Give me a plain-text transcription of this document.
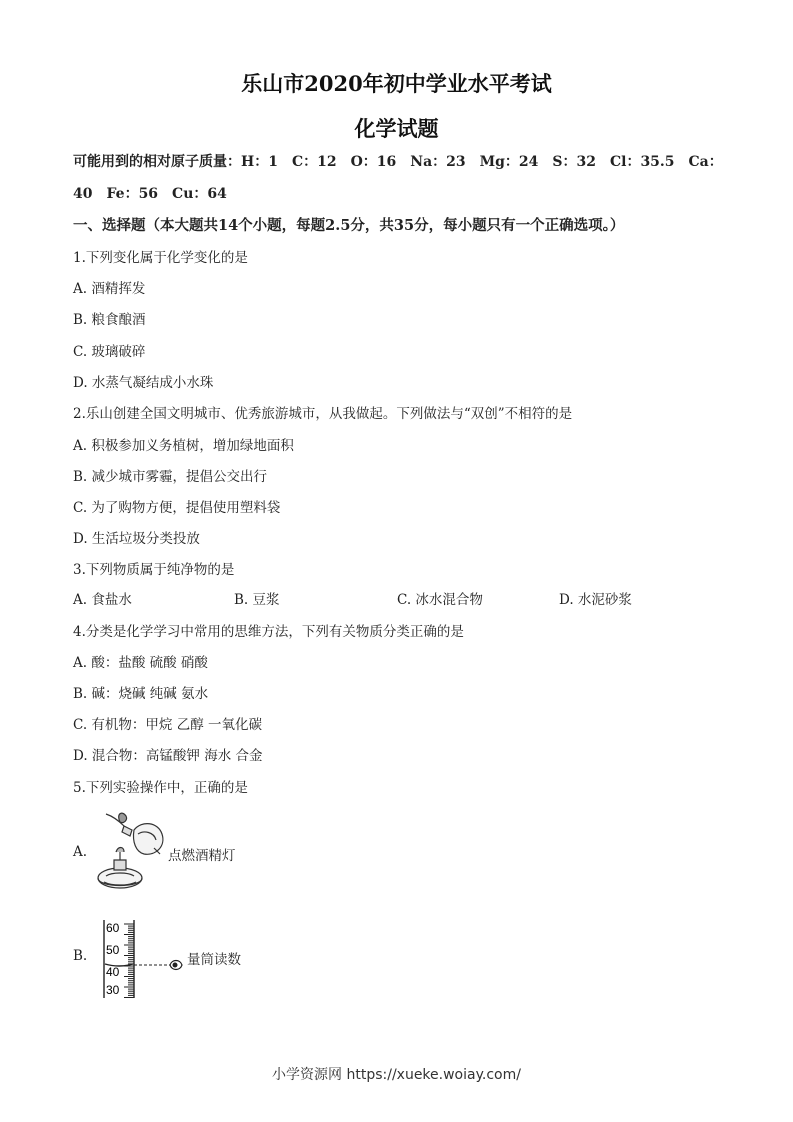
乐山市2020年初中学业水平考试
化学试题
可能用到的相对原子质量：H：1　C：12　O：16　Na：23　Mg：24　S：32　Cl：35.5　Ca：
40　Fe：56　Cu：64
一、选择题（本大题共14个小题，每题2.5分，共35分，每小题只有一个正确选项。）
1.下列变化属于化学变化的是
A. 酒精挥发
B. 粮食酿酒
C. 玻璃破碎
D. 水蒸气凝结成小水珠
2.乐山创建全国文明城市、优秀旅游城市，从我做起。下列做法与“双创”不相符的是
A. 积极参加义务植树，增加绿地面积
B. 减少城市雾霾，提倡公交出行
C. 为了购物方便，提倡使用塑料袋
D. 生活垃圾分类投放
3.下列物质属于纯净物的是
A. 食盐水	B. 豆浆	C. 冰水混合物	D. 水泥砂浆
4.分类是化学学习中常用的思维方法，下列有关物质分类正确的是
A. 酸：盐酸 硫酸 硝酸
B. 碱：烧碱 纯碱 氨水
C. 有机物：甲烷 乙醇 一氧化碳
D. 混合物：高锰酸钾 海水 合金
5.下列实验操作中，正确的是
A.	点燃酒精灯
B.
60
50
40
30
量筒读数
小学资源网 https://xueke.woiay.com/
